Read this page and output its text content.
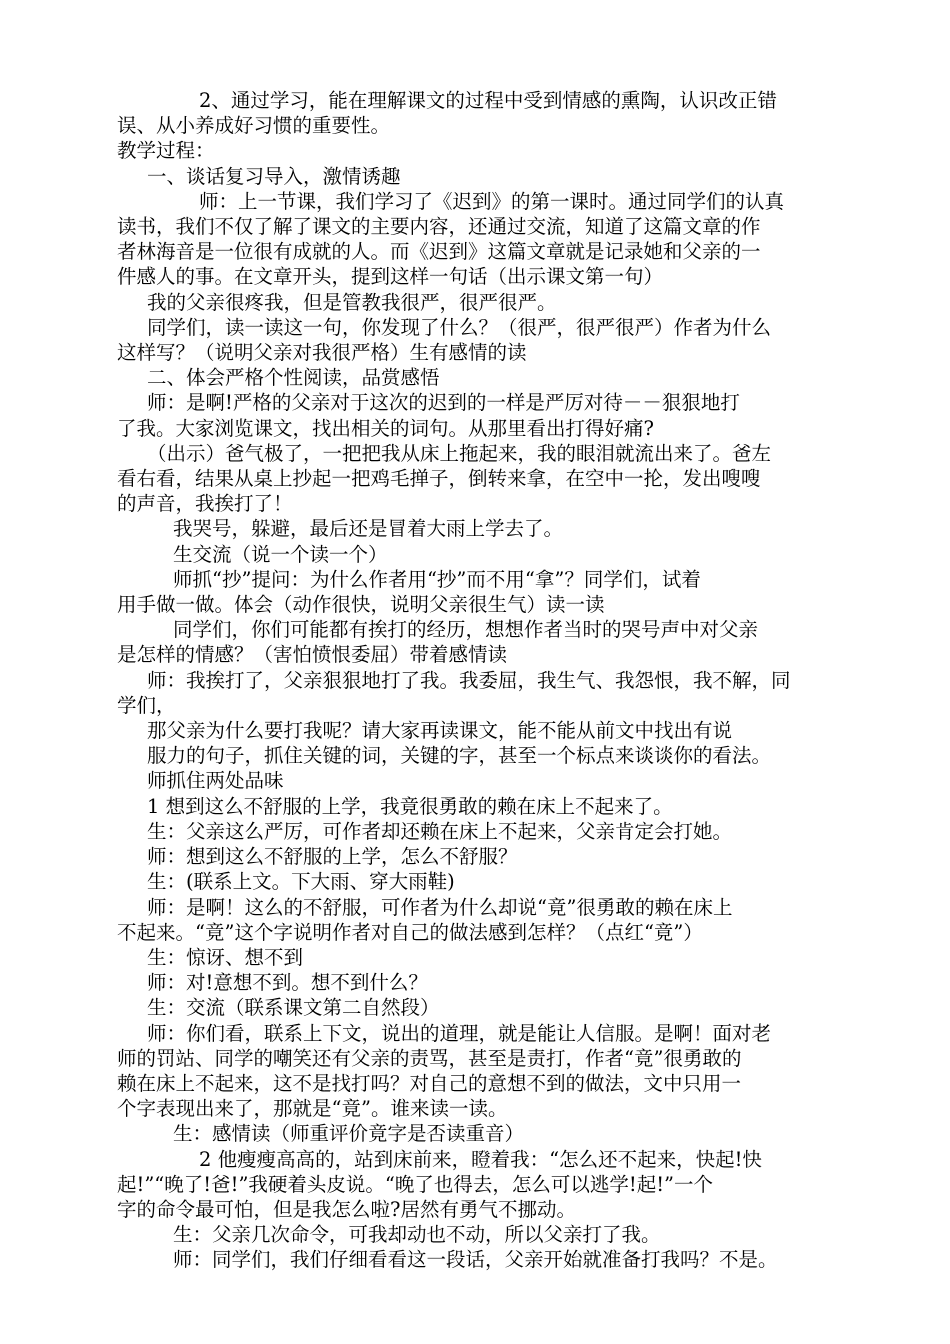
2、通过学习，能在理解课文的过程中受到情感的熏陶，认识改正错
误、从小养成好习惯的重要性。
教学过程：
一、谈话复习导入，激情诱趣
师：上一节课，我们学习了《迟到》的第一课时。通过同学们的认真
读书，我们不仅了解了课文的主要内容，还通过交流，知道了这篇文章的作
者林海音是一位很有成就的人。而《迟到》这篇文章就是记录她和父亲的一
件感人的事。在文章开头，提到这样一句话（出示课文第一句）
我的父亲很疼我，但是管教我很严，很严很严。
同学们，读一读这一句，你发现了什么？（很严，很严很严）作者为什么
这样写？（说明父亲对我很严格）生有感情的读
二、体会严格个性阅读，品赏感悟
师：是啊!严格的父亲对于这次的迟到的一样是严厉对待－－狠狠地打
了我。大家浏览课文，找出相关的词句。从那里看出打得好痛?
（出示）爸气极了，一把把我从床上拖起来，我的眼泪就流出来了。爸左
看右看，结果从桌上抄起一把鸡毛掸子，倒转来拿，在空中一抡，发出嗖嗖
的声音，我挨打了！
我哭号，躲避，最后还是冒着大雨上学去了。
生交流（说一个读一个）
师抓“抄”提问：为什么作者用“抄”而不用“拿”？同学们，试着
用手做一做。体会（动作很快，说明父亲很生气）读一读
同学们，你们可能都有挨打的经历，想想作者当时的哭号声中对父亲
是怎样的情感？（害怕愤恨委屈）带着感情读
师：我挨打了，父亲狠狠地打了我。我委屈，我生气、我怨恨，我不解，同
学们，
那父亲为什么要打我呢？请大家再读课文，能不能从前文中找出有说
服力的句子，抓住关键的词，关键的字，甚至一个标点来谈谈你的看法。
师抓住两处品味
1 想到这么不舒服的上学，我竟很勇敢的赖在床上不起来了。
生：父亲这么严厉，可作者却还赖在床上不起来，父亲肯定会打她。
师：想到这么不舒服的上学，怎么不舒服？
生：(联系上文。下大雨、穿大雨鞋)
师：是啊！这么的不舒服，可作者为什么却说“竟”很勇敢的赖在床上
不起来。“竟”这个字说明作者对自己的做法感到怎样？（点红“竟”）
生：惊讶、想不到
师：对!意想不到。想不到什么？
生：交流（联系课文第二自然段）
师：你们看，联系上下文，说出的道理，就是能让人信服。是啊！面对老
师的罚站、同学的嘲笑还有父亲的责骂，甚至是责打，作者“竟”很勇敢的
赖在床上不起来，这不是找打吗？对自己的意想不到的做法，文中只用一
个字表现出来了，那就是“竟”。谁来读一读。
生：感情读（师重评价竟字是否读重音）
2 他瘦瘦高高的，站到床前来，瞪着我：“怎么还不起来，快起!快
起!”“晚了!爸!”我硬着头皮说。“晚了也得去，怎么可以逃学!起!”一个
字的命令最可怕，但是我怎么啦?居然有勇气不挪动。
生：父亲几次命令，可我却动也不动，所以父亲打了我。
师：同学们，我们仔细看看这一段话，父亲开始就准备打我吗？不是。
